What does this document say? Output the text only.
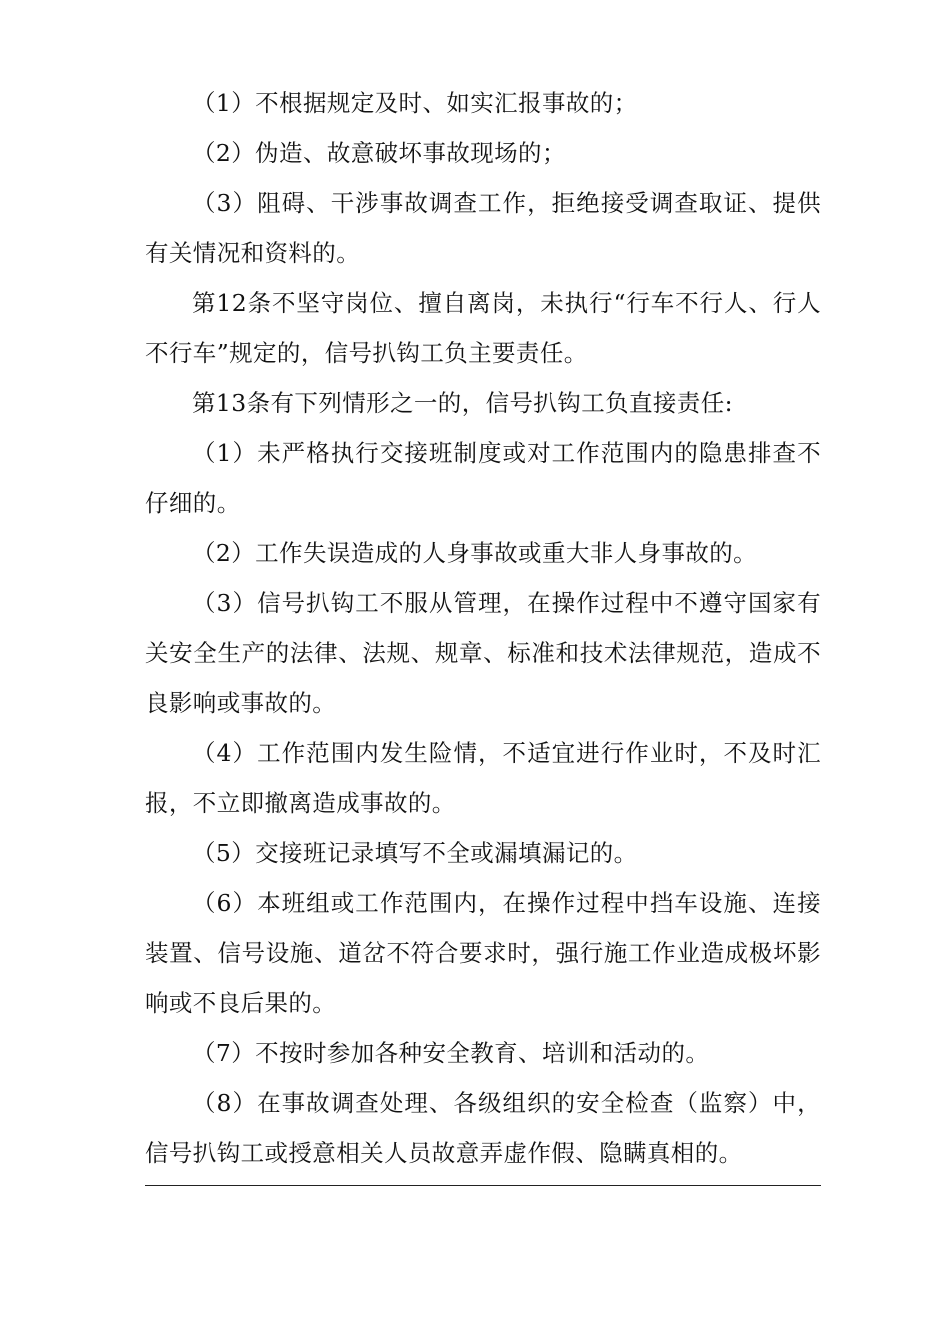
（1）不根据规定及时、如实汇报事故的；

（2）伪造、故意破坏事故现场的；

（3）阻碍、干涉事故调查工作，拒绝接受调查取证、提供有关情况和资料的。

第12条不坚守岗位、擅自离岗，未执行“行车不行人、行人不行车”规定的，信号扒钩工负主要责任。

第13条有下列情形之一的，信号扒钩工负直接责任:

（1）未严格执行交接班制度或对工作范围内的隐患排查不仔细的。

（2）工作失误造成的人身事故或重大非人身事故的。

（3）信号扒钩工不服从管理，在操作过程中不遵守国家有关安全生产的法律、法规、规章、标准和技术法律规范，造成不良影响或事故的。

（4）工作范围内发生险情，不适宜进行作业时，不及时汇报，不立即撤离造成事故的。

（5）交接班记录填写不全或漏填漏记的。

（6）本班组或工作范围内，在操作过程中挡车设施、连接装置、信号设施、道岔不符合要求时，强行施工作业造成极坏影响或不良后果的。

（7）不按时参加各种安全教育、培训和活动的。

（8）在事故调查处理、各级组织的安全检查（监察）中，信号扒钩工或授意相关人员故意弄虚作假、隐瞒真相的。
